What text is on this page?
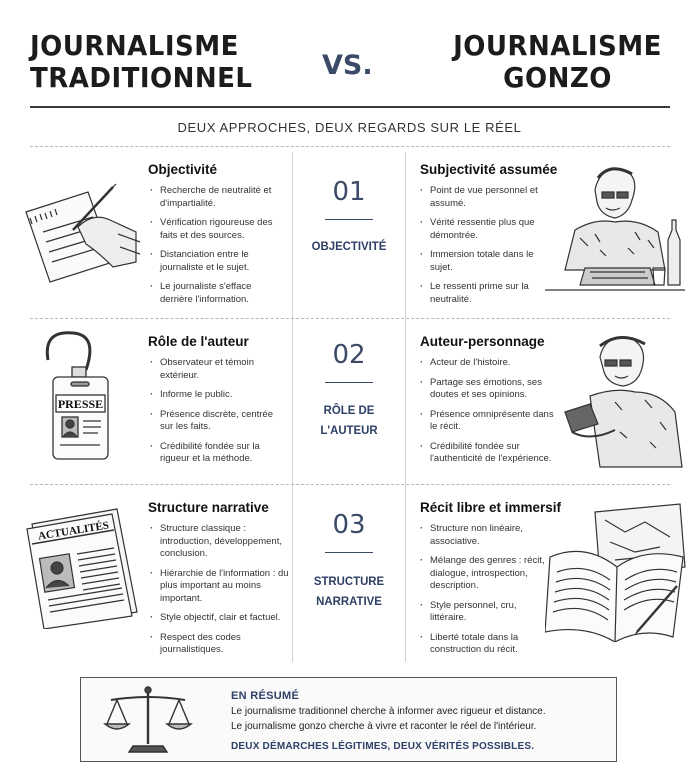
JOURNALISME
TRADITIONNEL	VS.
JOURNALISME
GONZO
DEUX APPROCHES, DEUX REGARDS SUR LE RÉEL
Objectivité
· Recherche de neutralité et d'impartialité.
· Vérification rigoureuse des faits et des sources.
· Distanciation entre le journaliste et le sujet.
· Le journaliste s'efface derrière l'information.
01
OBJECTIVITÉ
Subjectivité assumée
· Point de vue personnel et assumé.
· Vérité ressentie plus que démontrée.
· Immersion totale dans le sujet.
· Le ressenti prime sur la neutralité.
PRESSE
Rôle de l'auteur
· Observateur et témoin extérieur.
· Informe le public.
· Présence discrète, centrée sur les faits.
· Crédibilité fondée sur la rigueur et la méthode.
02
RÔLE DE
L'AUTEUR
Auteur-personnage
· Acteur de l'histoire.
· Partage ses émotions, ses doutes et ses opinions.
· Présence omniprésente dans le récit.
· Crédibilité fondée sur l'authenticité de l'expérience.
ACTUALITÉS
Structure narrative
· Structure classique : introduction, développement, conclusion.
· Hiérarchie de l'information : du plus important au moins important.
· Style objectif, clair et factuel.
· Respect des codes journalistiques.
03
STRUCTURE
NARRATIVE
Récit libre et immersif
· Structure non linéaire, associative.
· Mélange des genres : récit, dialogue, introspection, description.
· Style personnel, cru, littéraire.
· Liberté totale dans la construction du récit.
EN RÉSUMÉ
Le journalisme traditionnel cherche à informer avec rigueur et distance.
Le journalisme gonzo cherche à vivre et raconter le réel de l'intérieur.
DEUX DÉMARCHES LÉGITIMES, DEUX VÉRITÉS POSSIBLES.
